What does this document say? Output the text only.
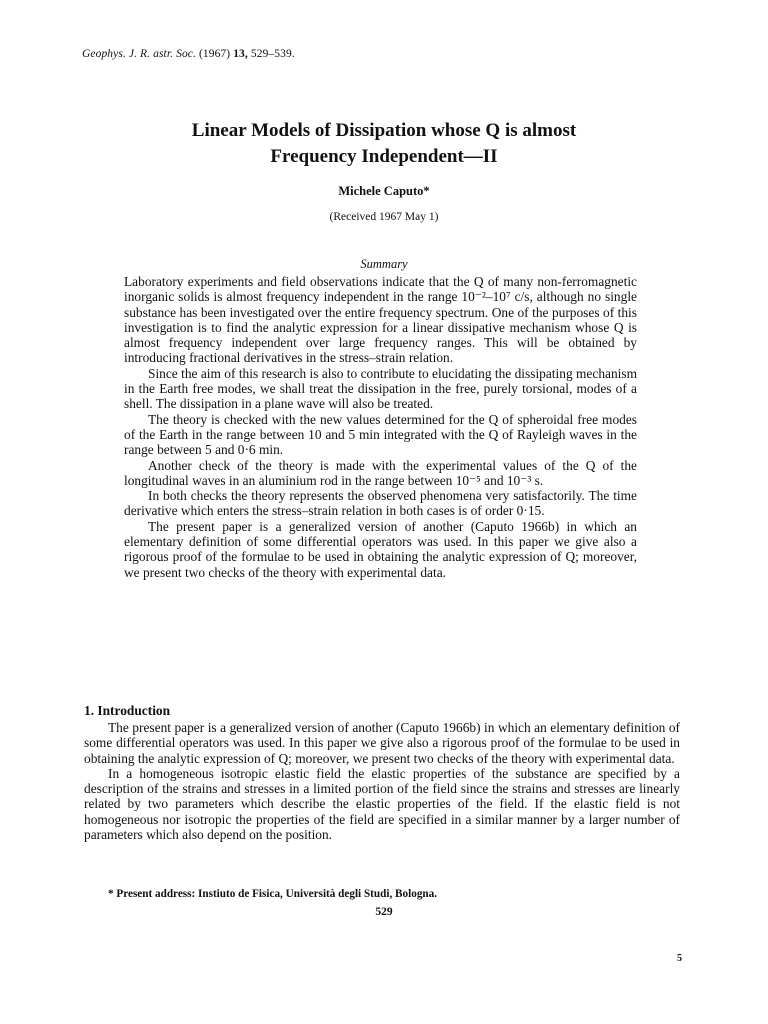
Geophys. J. R. astr. Soc. (1967) 13, 529–539.
Linear Models of Dissipation whose Q is almost
Frequency Independent—II
Michele Caputo*
(Received 1967 May 1)
Summary

Laboratory experiments and field observations indicate that the Q of many non-ferromagnetic inorganic solids is almost frequency independent in the range 10⁻²–10⁷ c/s, although no single substance has been investigated over the entire frequency spectrum. One of the purposes of this investigation is to find the analytic expression for a linear dissipative mechanism whose Q is almost frequency independent over large frequency ranges. This will be obtained by introducing fractional derivatives in the stress–strain relation.

Since the aim of this research is also to contribute to elucidating the dissipating mechanism in the Earth free modes, we shall treat the dissipation in the free, purely torsional, modes of a shell. The dissipation in a plane wave will also be treated.

The theory is checked with the new values determined for the Q of spheroidal free modes of the Earth in the range between 10 and 5 min integrated with the Q of Rayleigh waves in the range between 5 and 0·6 min.

Another check of the theory is made with the experimental values of the Q of the longitudinal waves in an aluminium rod in the range between 10⁻⁵ and 10⁻³ s.

In both checks the theory represents the observed phenomena very satisfactorily. The time derivative which enters the stress–strain relation in both cases is of order 0·15.

The present paper is a generalized version of another (Caputo 1966b) in which an elementary definition of some differential operators was used. In this paper we give also a rigorous proof of the formulae to be used in obtaining the analytic expression of Q; moreover, we present two checks of the theory with experimental data.

1. Introduction

The present paper is a generalized version of another (Caputo 1966b) in which an elementary definition of some differential operators was used. In this paper we give also a rigorous proof of the formulae to be used in obtaining the analytic expression of Q; moreover, we present two checks of the theory with experimental data.

In a homogeneous isotropic elastic field the elastic properties of the substance are specified by a description of the strains and stresses in a limited portion of the field since the strains and stresses are linearly related by two parameters which describe the elastic properties of the field. If the elastic field is not homogeneous nor isotropic the properties of the field are specified in a similar manner by a larger number of parameters which also depend on the position.

* Present address: Instiuto de Fisica, Università degli Studi, Bologna.
529
5
